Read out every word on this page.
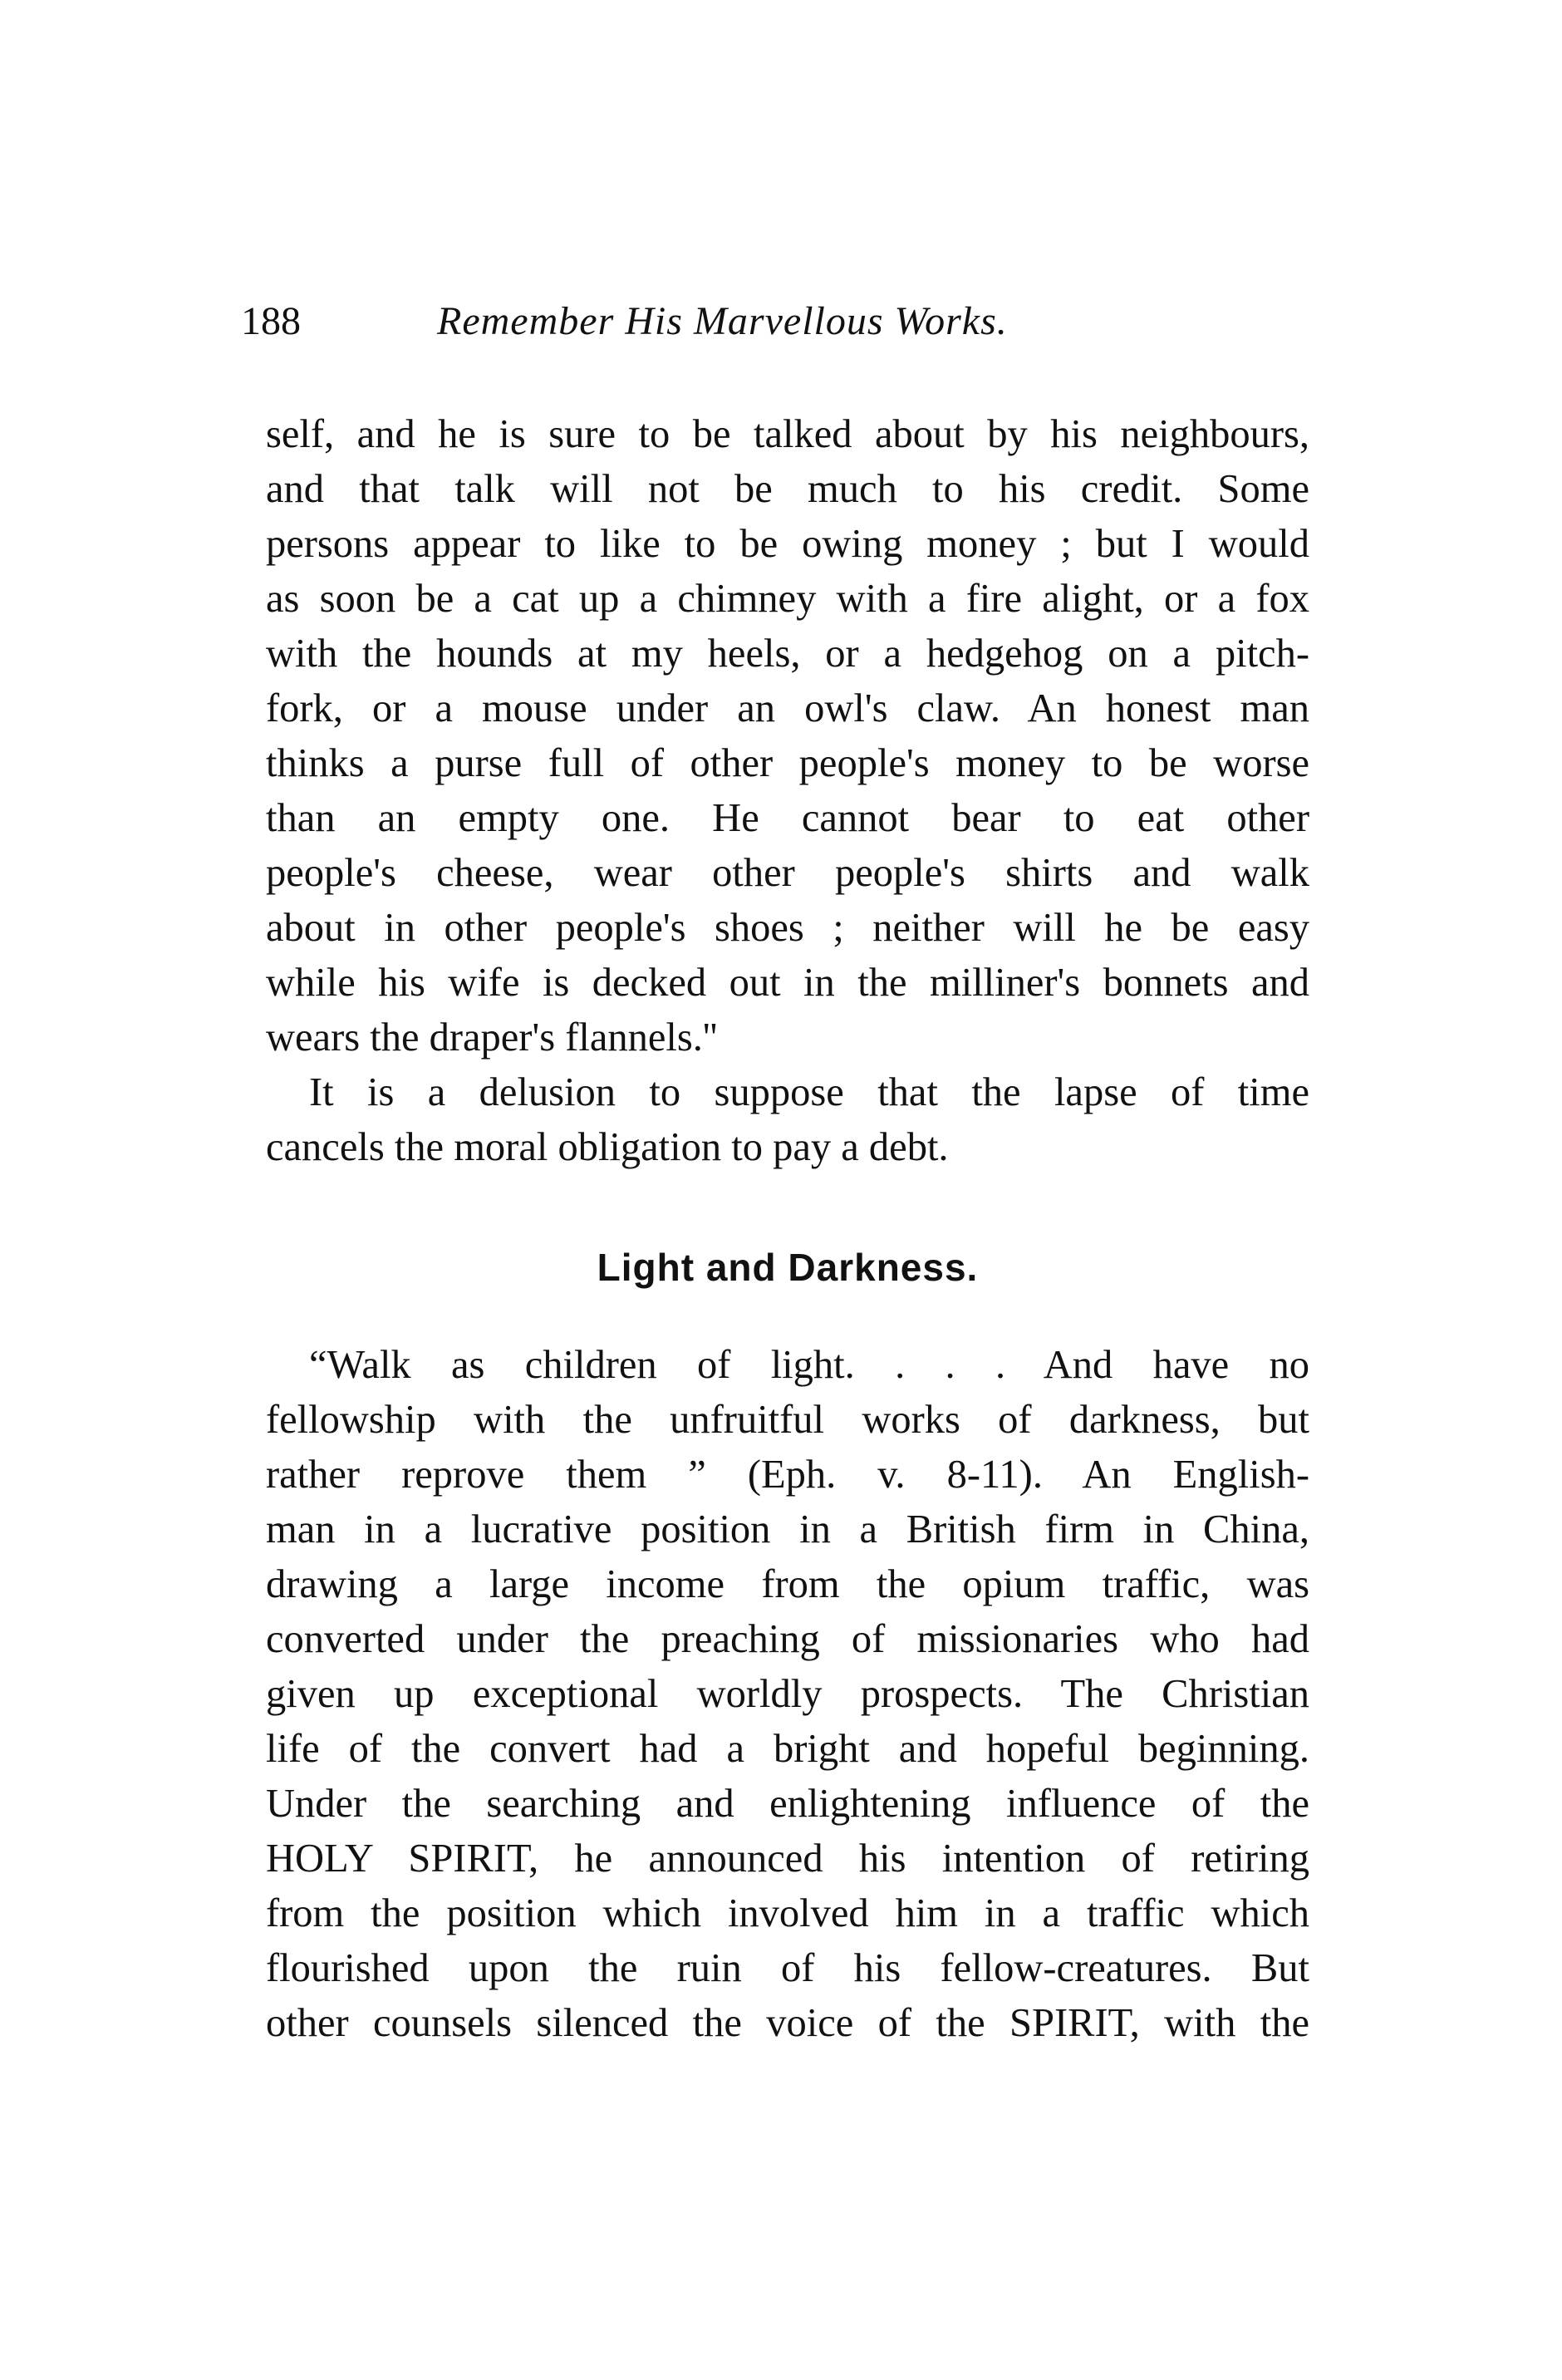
188	Remember His Marvellous Works.
self, and he is sure to be talked about by his neighbours,
and that talk will not be much to his credit. Some
persons appear to like to be owing money ; but I would
as soon be a cat up a chimney with a fire alight, or a fox
with the hounds at my heels, or a hedgehog on a pitch-
fork, or a mouse under an owl's claw. An honest man
thinks a purse full of other people's money to be worse
than an empty one. He cannot bear to eat other
people's cheese, wear other people's shirts and walk
about in other people's shoes ; neither will he be easy
while his wife is decked out in the milliner's bonnets and
wears the draper's flannels.''
It is a delusion to suppose that the lapse of time
cancels the moral obligation to pay a debt.
Light and Darkness.
“Walk as children of light. . . . And have no
fellowship with the unfruitful works of darkness, but
rather reprove them ” (Eph. v. 8-11). An English-
man in a lucrative position in a British firm in China,
drawing a large income from the opium traffic, was
converted under the preaching of missionaries who had
given up exceptional worldly prospects. The Christian
life of the convert had a bright and hopeful beginning.
Under the searching and enlightening influence of the
HOLY SPIRIT, he announced his intention of retiring
from the position which involved him in a traffic which
flourished upon the ruin of his fellow-creatures. But
other counsels silenced the voice of the SPIRIT, with the
